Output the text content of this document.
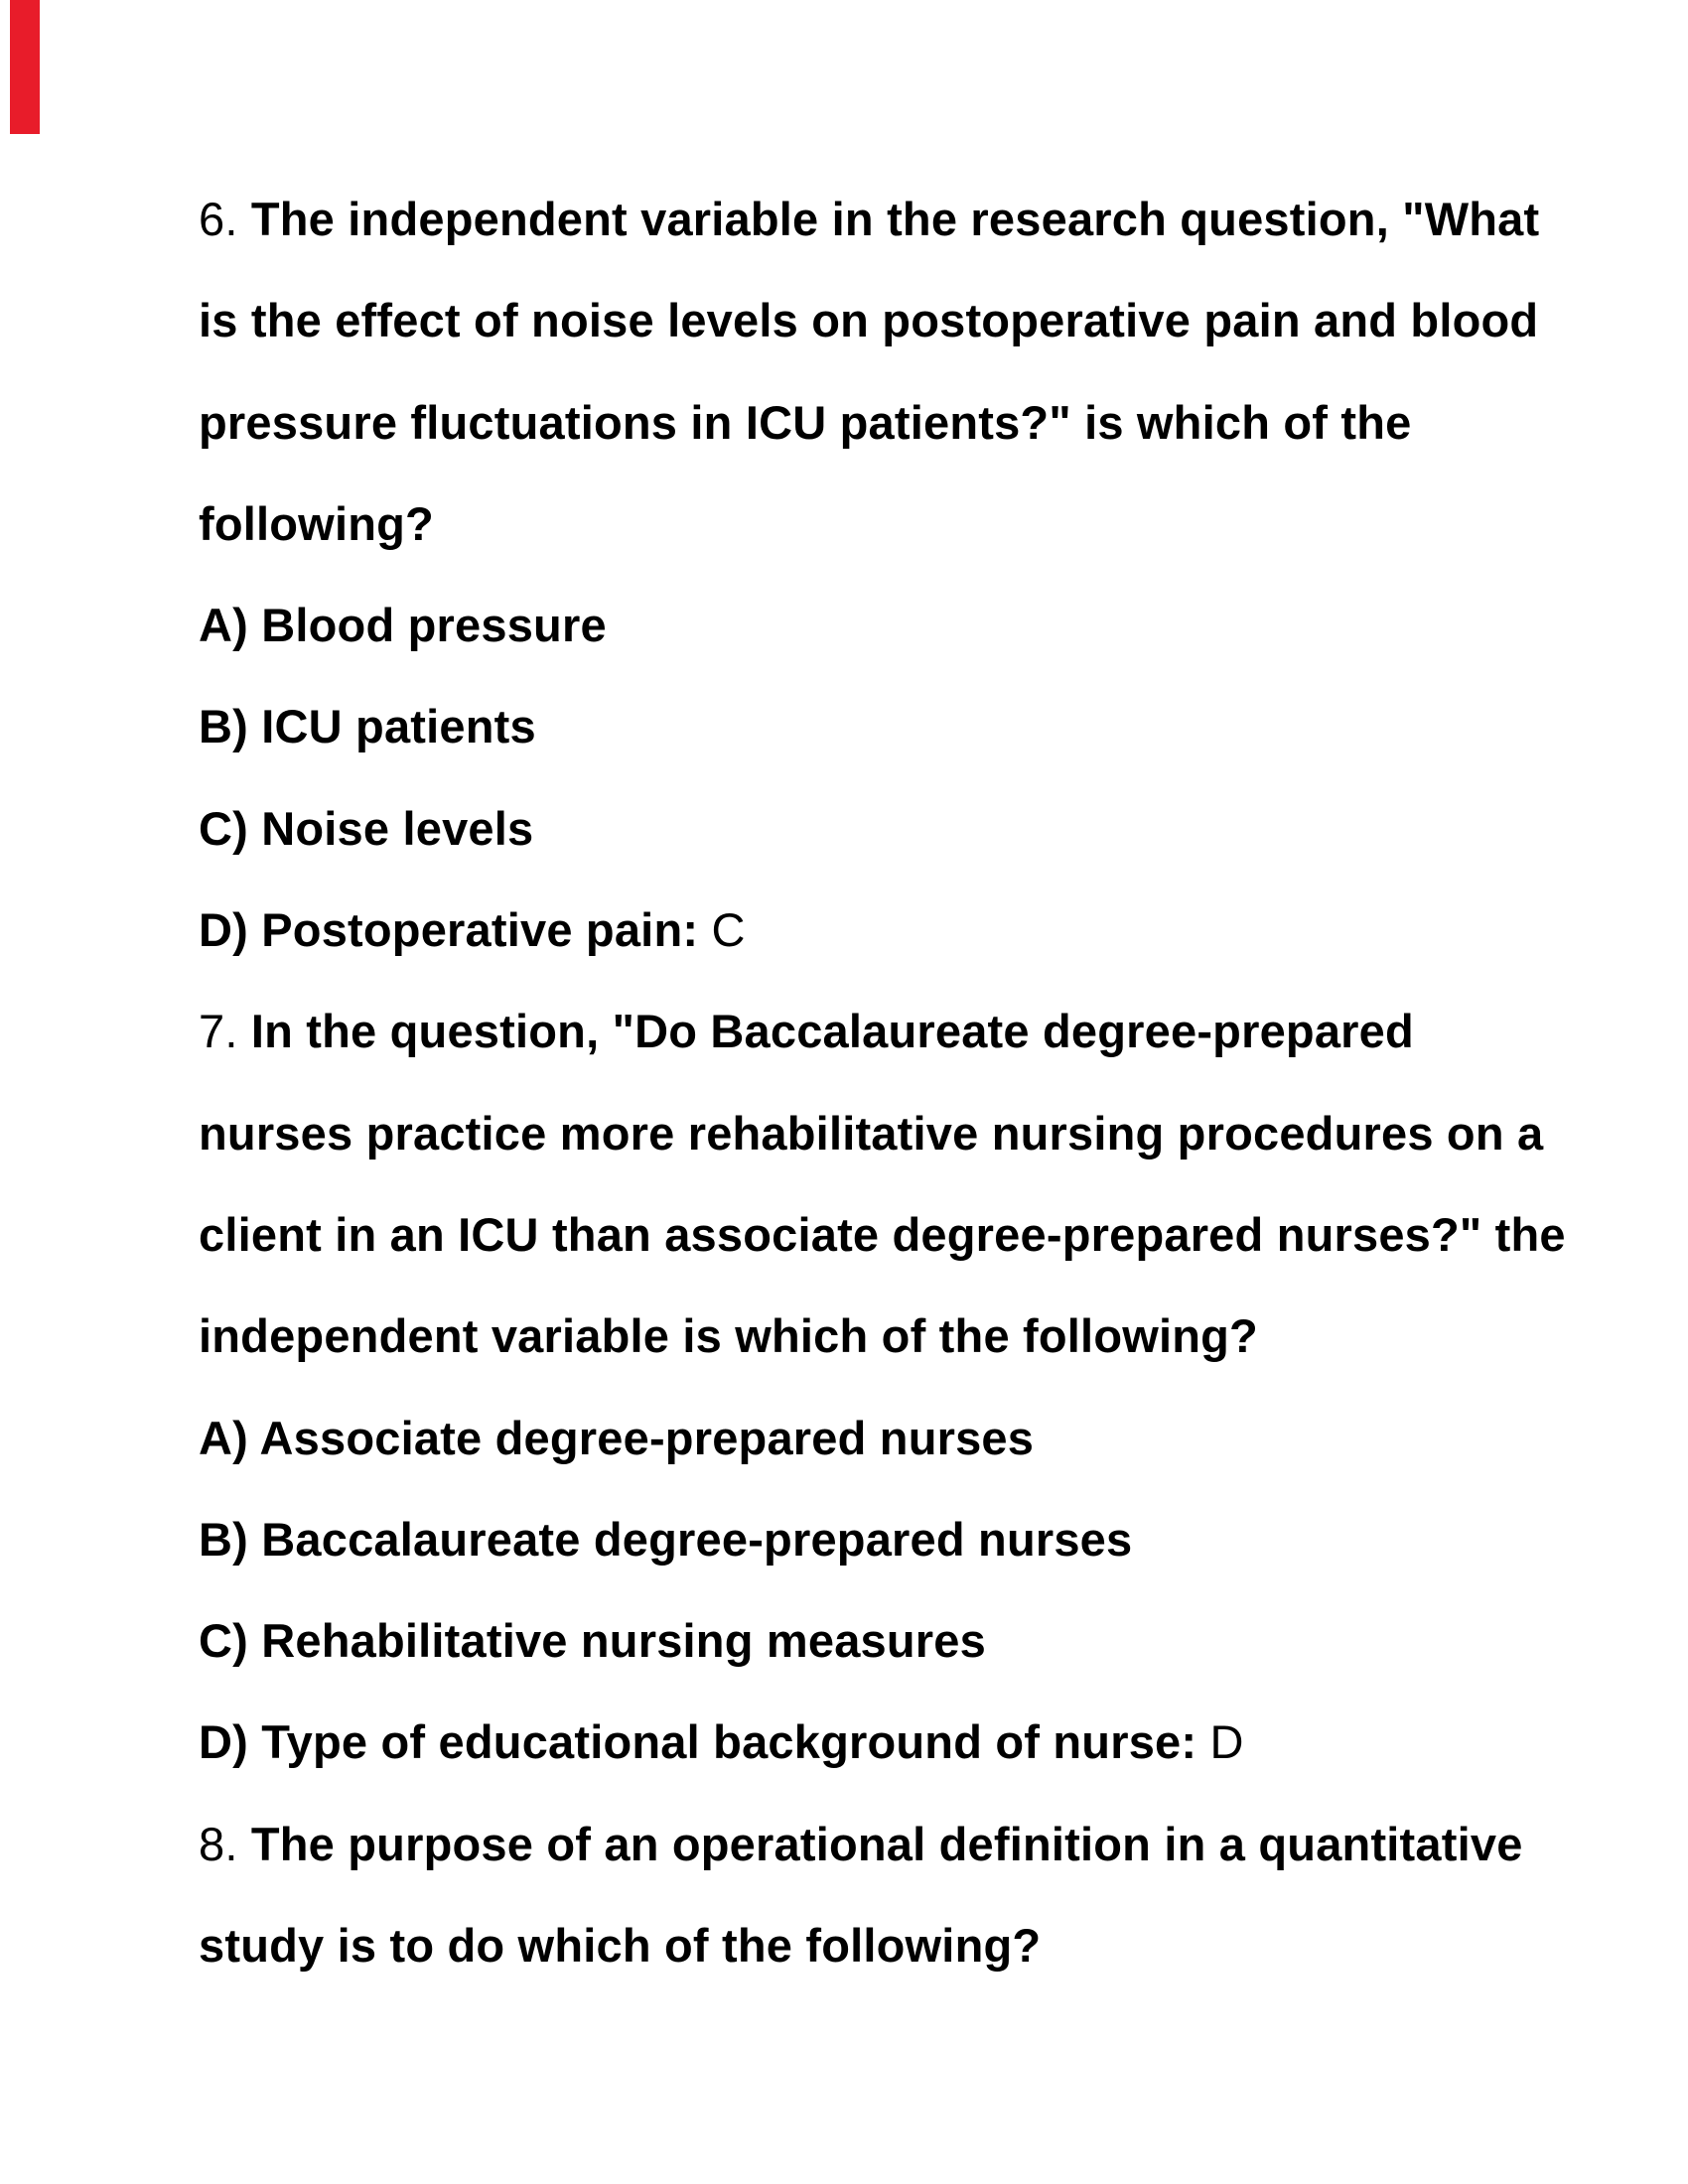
6. The independent variable in the research question, "What
is the effect of noise levels on postoperative pain and blood
pressure fluctuations in ICU patients?" is which of the
following?
A) Blood pressure
B) ICU patients
C) Noise levels
D) Postoperative pain: C
7. In the question, "Do Baccalaureate degree-prepared
nurses practice more rehabilitative nursing procedures on a
client in an ICU than associate degree-prepared nurses?" the
independent variable is which of the following?
A) Associate degree-prepared nurses
B) Baccalaureate degree-prepared nurses
C) Rehabilitative nursing measures
D) Type of educational background of nurse: D
8. The purpose of an operational definition in a quantitative
study is to do which of the following?
